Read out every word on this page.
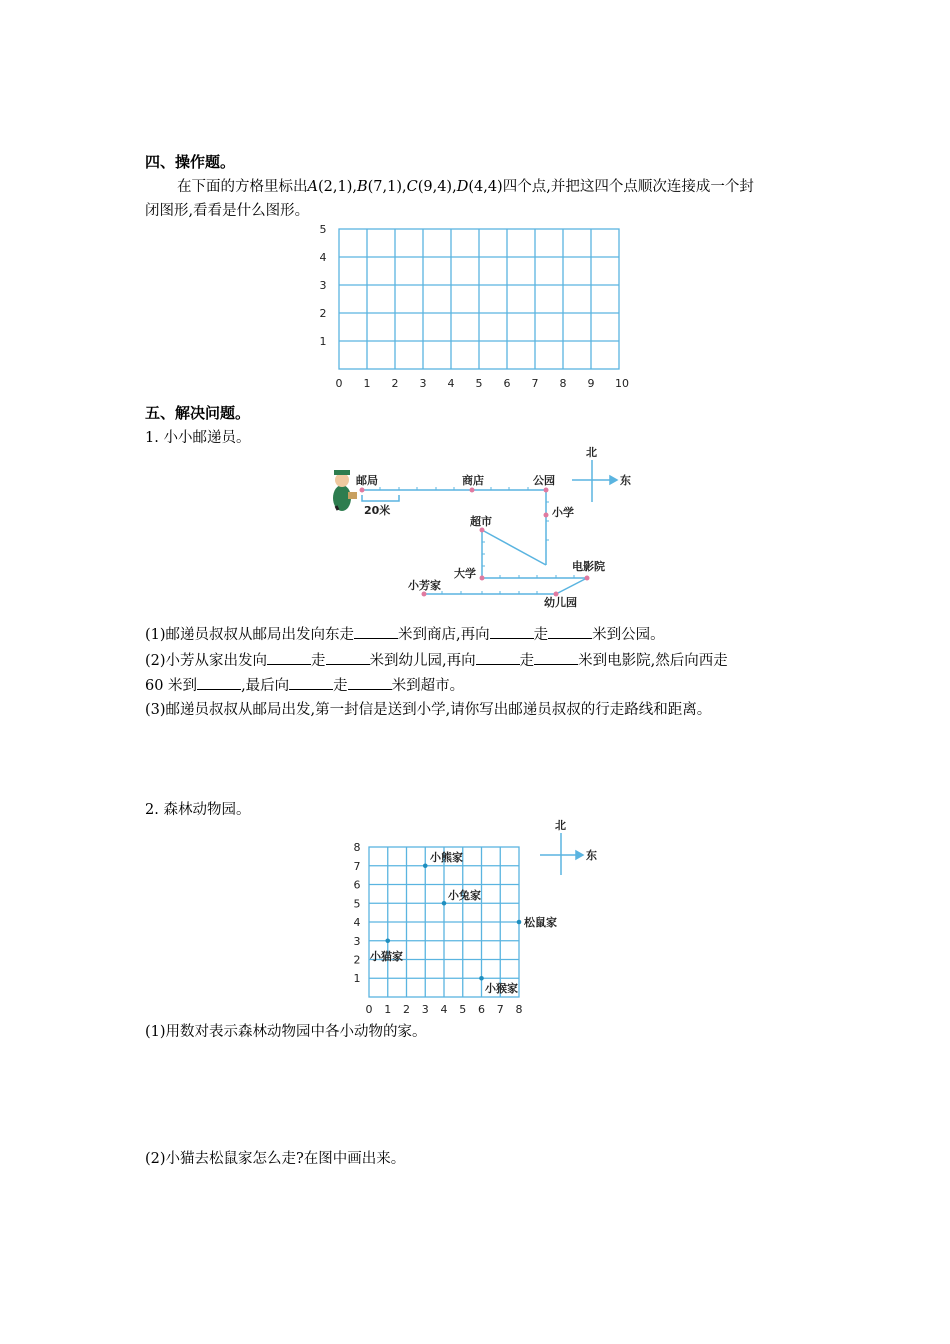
四、操作题。
在下面的方格里标出A(2,1),B(7,1),C(9,4),D(4,4)四个点,并把这四个点顺次连接成一个封
闭图形,看看是什么图形。
0 1 2 3 4 5 6 7 8 9 10
1
2
3
4
5
五、解决问题。
1. 小小邮递员。
邮局	商店	公园
小学
超市
大学
电影院
小芳家
幼儿园
20米
北
东
(1)邮递员叔叔从邮局出发向东走	米到商店,再向	走	米到公园。
(2)小芳从家出发向	走	米到幼儿园,再向	走	米到电影院,然后向西走
60 米到	,最后向	走	米到超市。
(3)邮递员叔叔从邮局出发,第一封信是送到小学,请你写出邮递员叔叔的行走路线和距离。
2. 森林动物园。
小熊家
小兔家
松鼠家
小猫家
小猴家
北
东
0 1 2 3 4 5 6 7 8
1
2
3
4
5
6
7
8
(1)用数对表示森林动物园中各小动物的家。
(2)小猫去松鼠家怎么走?在图中画出来。
